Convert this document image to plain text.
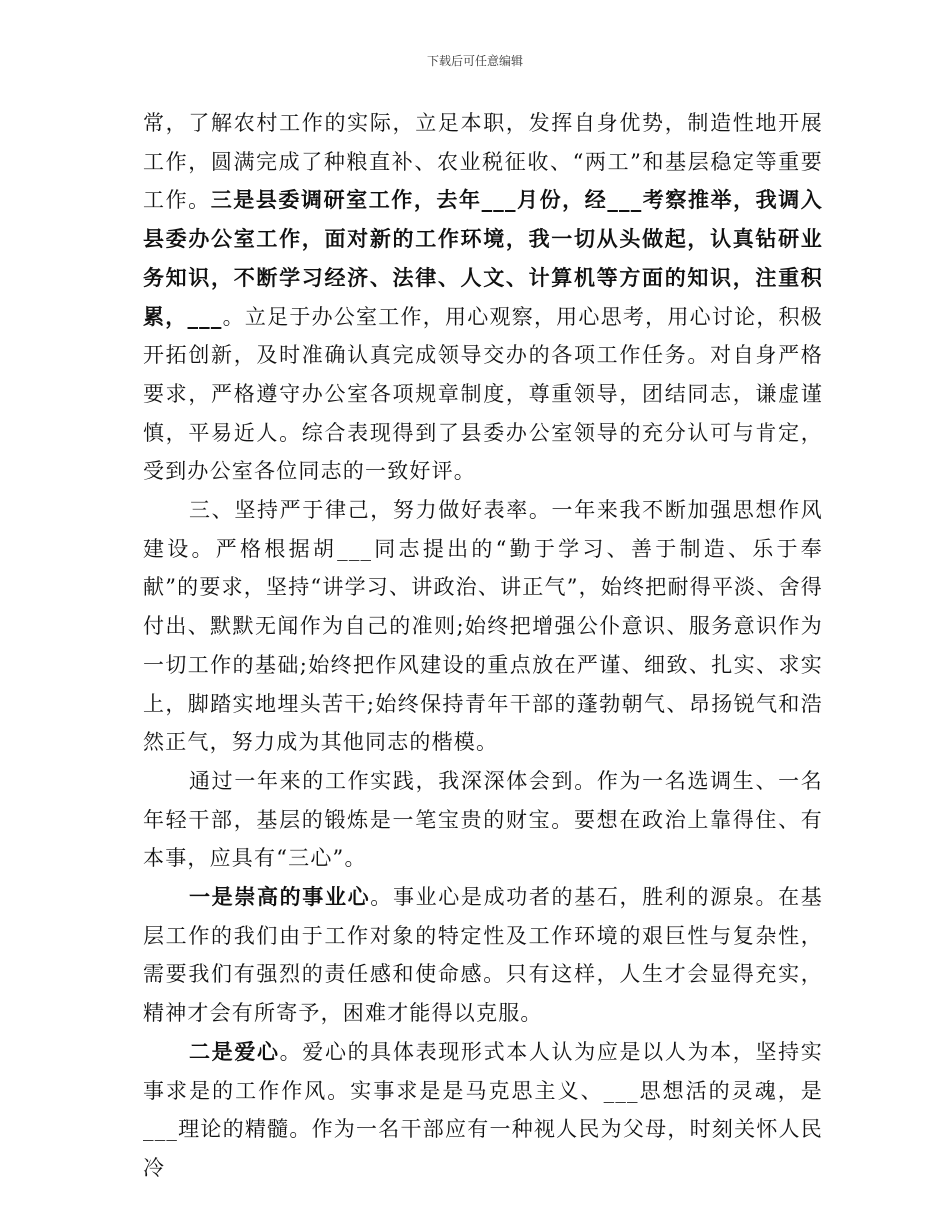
下载后可任意编辑

常，了解农村工作的实际，立足本职，发挥自身优势，制造性地开展工作，圆满完成了种粮直补、农业税征收、“两工”和基层稳定等重要工作。三是县委调研室工作，去年___月份，经___考察推举，我调入县委办公室工作，面对新的工作环境，我一切从头做起，认真钻研业务知识，不断学习经济、法律、人文、计算机等方面的知识，注重积累，___。立足于办公室工作，用心观察，用心思考，用心讨论，积极开拓创新，及时准确认真完成领导交办的各项工作任务。对自身严格要求，严格遵守办公室各项规章制度，尊重领导，团结同志，谦虚谨慎，平易近人。综合表现得到了县委办公室领导的充分认可与肯定，受到办公室各位同志的一致好评。

三、坚持严于律己，努力做好表率。一年来我不断加强思想作风建设。严格根据胡___同志提出的“勤于学习、善于制造、乐于奉献”的要求，坚持“讲学习、讲政治、讲正气”，始终把耐得平淡、舍得付出、默默无闻作为自己的准则;始终把增强公仆意识、服务意识作为一切工作的基础;始终把作风建设的重点放在严谨、细致、扎实、求实上，脚踏实地埋头苦干;始终保持青年干部的蓬勃朝气、昂扬锐气和浩然正气，努力成为其他同志的楷模。

通过一年来的工作实践，我深深体会到。作为一名选调生、一名年轻干部，基层的锻炼是一笔宝贵的财宝。要想在政治上靠得住、有本事，应具有“三心”。

一是崇高的事业心。事业心是成功者的基石，胜利的源泉。在基层工作的我们由于工作对象的特定性及工作环境的艰巨性与复杂性，需要我们有强烈的责任感和使命感。只有这样，人生才会显得充实，精神才会有所寄予，困难才能得以克服。

二是爱心。爱心的具体表现形式本人认为应是以人为本，坚持实事求是的工作作风。实事求是是马克思主义、___思想活的灵魂，是___理论的精髓。作为一名干部应有一种视人民为父母，时刻关怀人民冷
